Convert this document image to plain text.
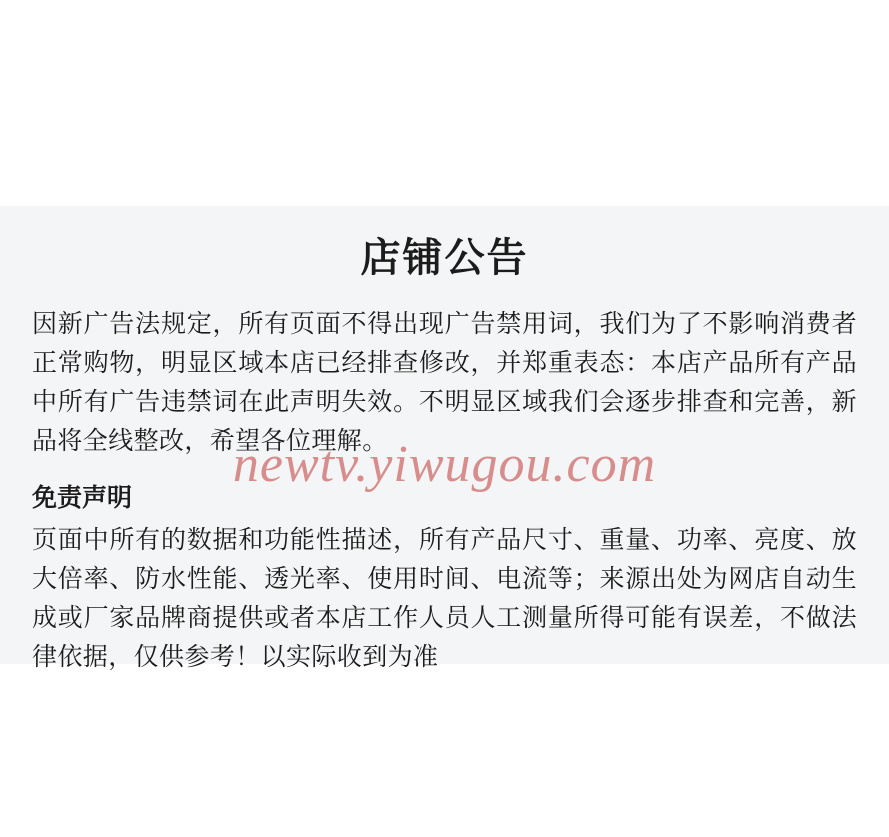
店铺公告

因新广告法规定，所有页面不得出现广告禁用词，我们为了不影响消费者正常购物，明显区域本店已经排查修改，并郑重表态：本店产品所有产品中所有广告违禁词在此声明失效。不明显区域我们会逐步排查和完善，新品将全线整改，希望各位理解。

免责声明

页面中所有的数据和功能性描述，所有产品尺寸、重量、功率、亮度、放大倍率、防水性能、透光率、使用时间、电流等；来源出处为网店自动生成或厂家品牌商提供或者本店工作人员人工测量所得可能有误差，不做法律依据，仅供参考！以实际收到为准

newtv.yiwugou.com
